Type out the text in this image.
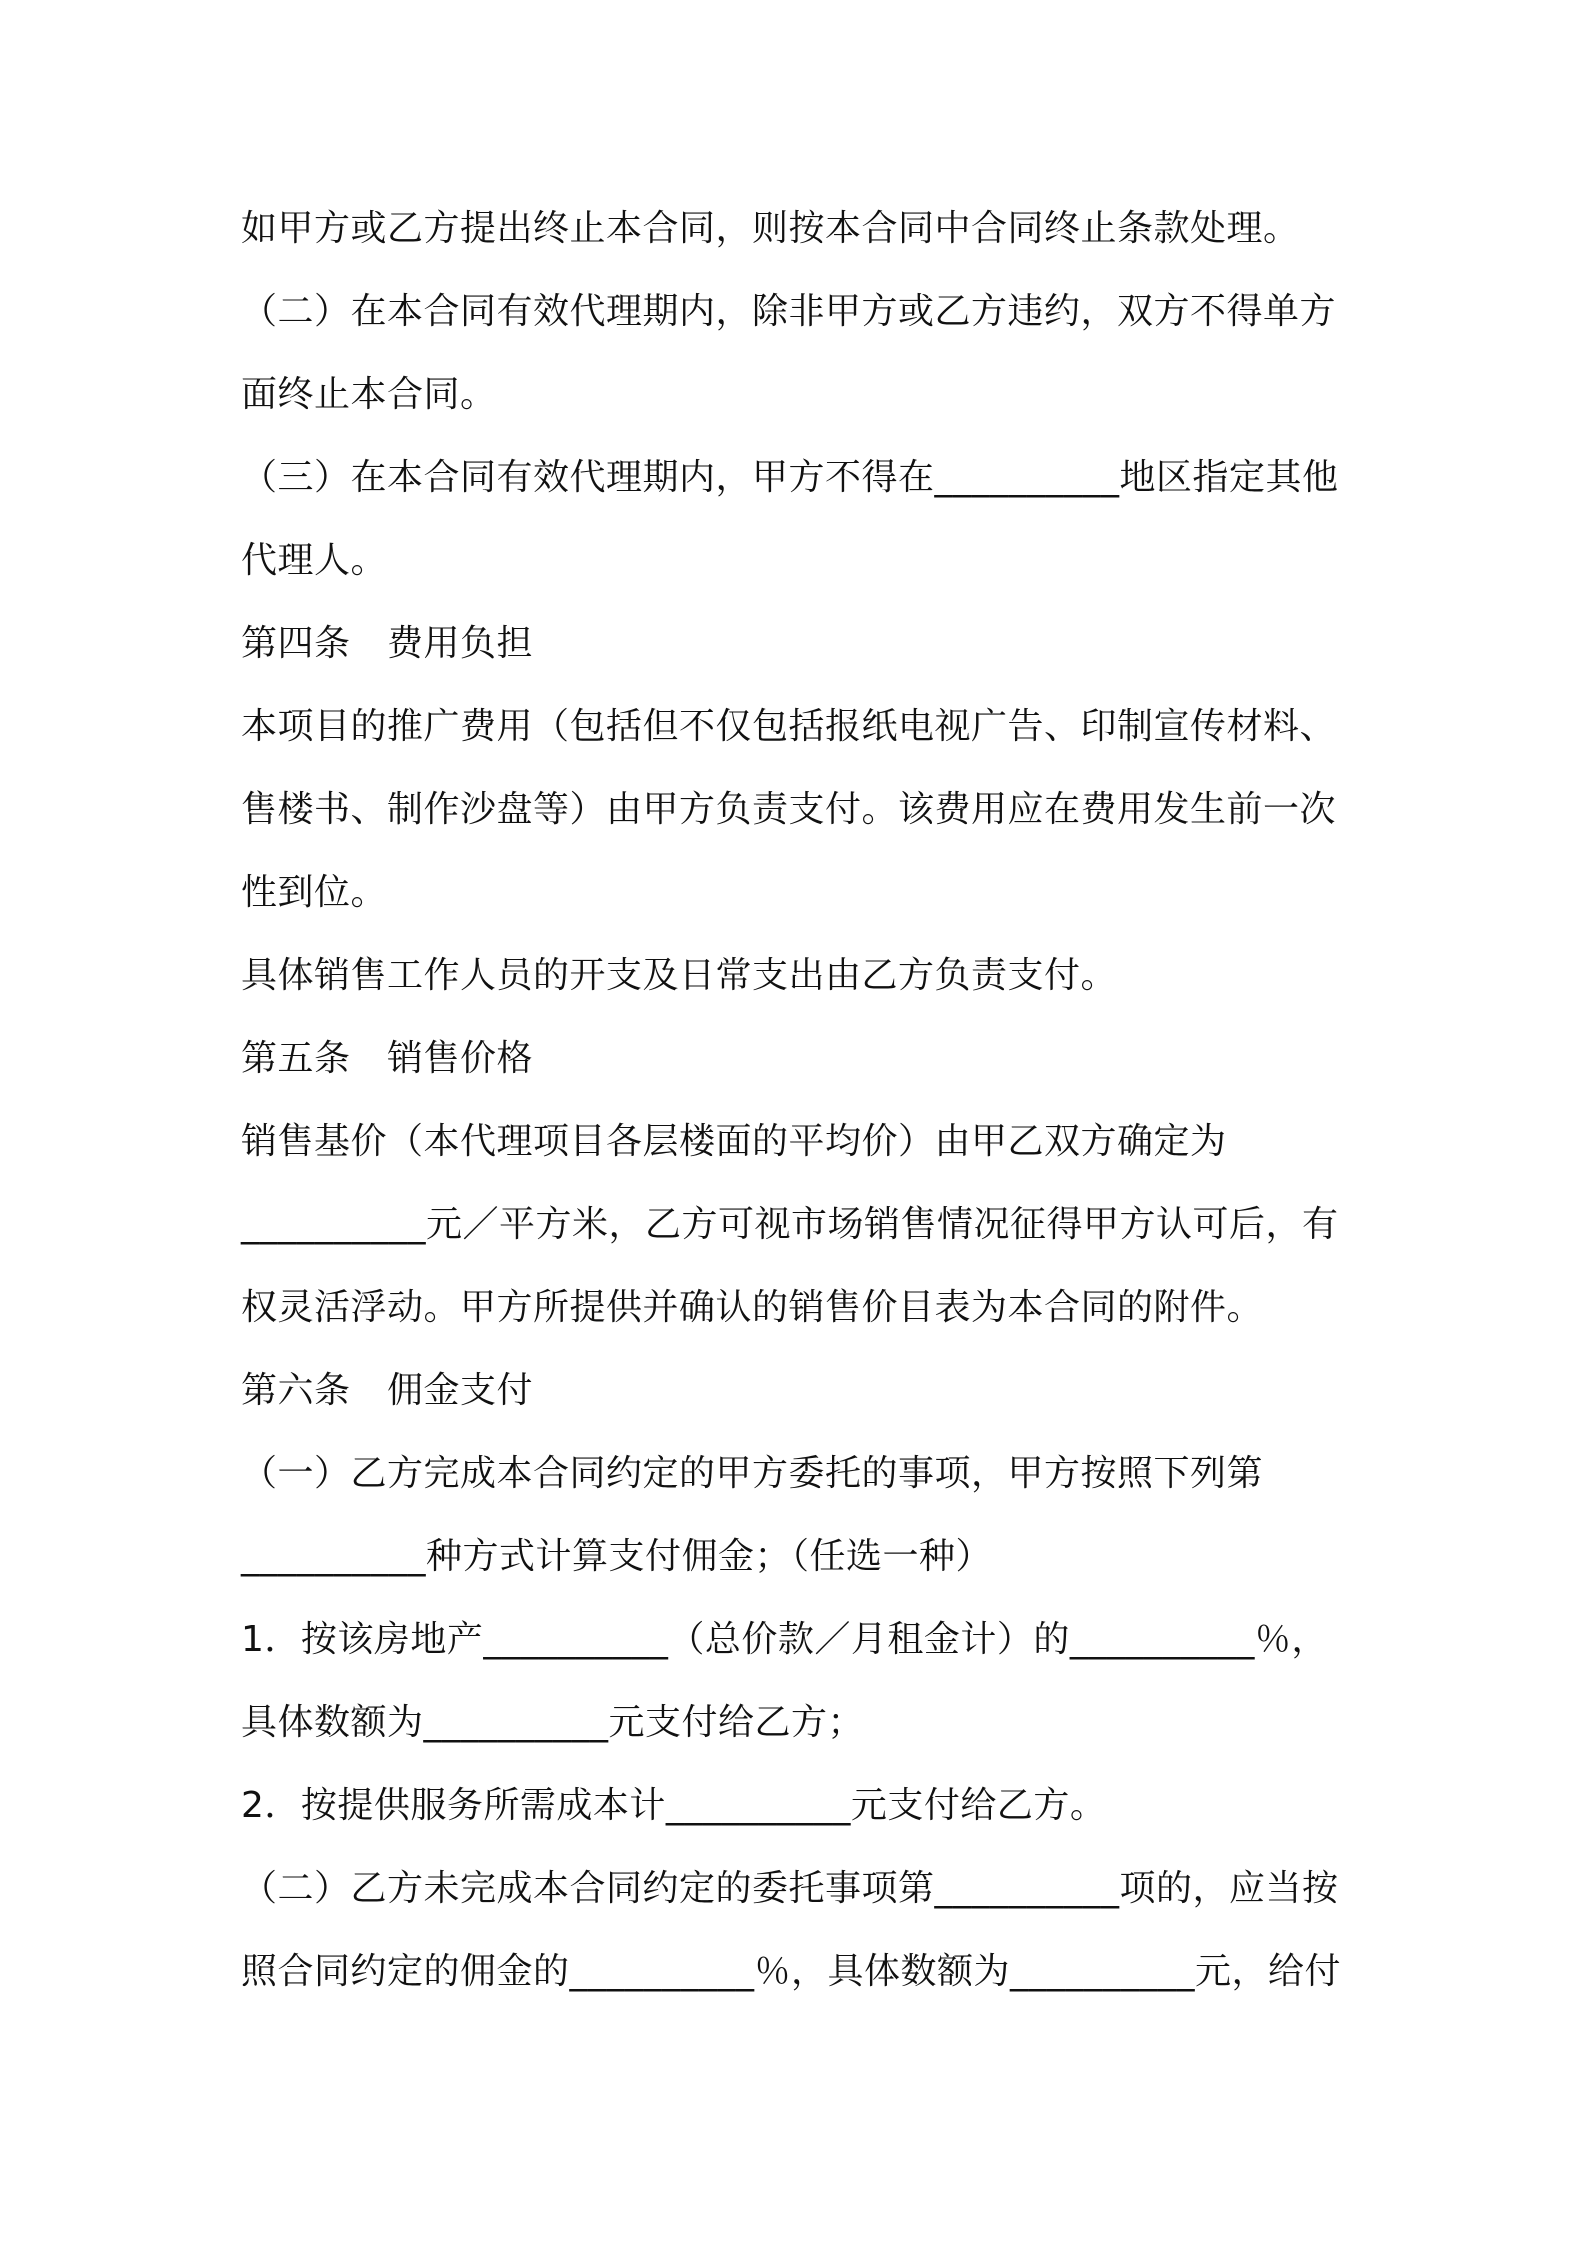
如甲方或乙方提出终止本合同，则按本合同中合同终止条款处理。
（二）在本合同有效代理期内，除非甲方或乙方违约，双方不得单方
面终止本合同。
（三）在本合同有效代理期内，甲方不得在__________地区指定其他
代理人。
第四条　费用负担
本项目的推广费用（包括但不仅包括报纸电视广告、印制宣传材料、
售楼书、制作沙盘等）由甲方负责支付。该费用应在费用发生前一次
性到位。
具体销售工作人员的开支及日常支出由乙方负责支付。
第五条　销售价格
销售基价（本代理项目各层楼面的平均价）由甲乙双方确定为
__________元／平方米，乙方可视市场销售情况征得甲方认可后，有
权灵活浮动。甲方所提供并确认的销售价目表为本合同的附件。
第六条　佣金支付
（一）乙方完成本合同约定的甲方委托的事项，甲方按照下列第
__________种方式计算支付佣金；（任选一种）
1．按该房地产__________（总价款／月租金计）的__________％，
具体数额为__________元支付给乙方；
2．按提供服务所需成本计__________元支付给乙方。
（二）乙方未完成本合同约定的委托事项第__________项的，应当按
照合同约定的佣金的__________％，具体数额为__________元，给付
